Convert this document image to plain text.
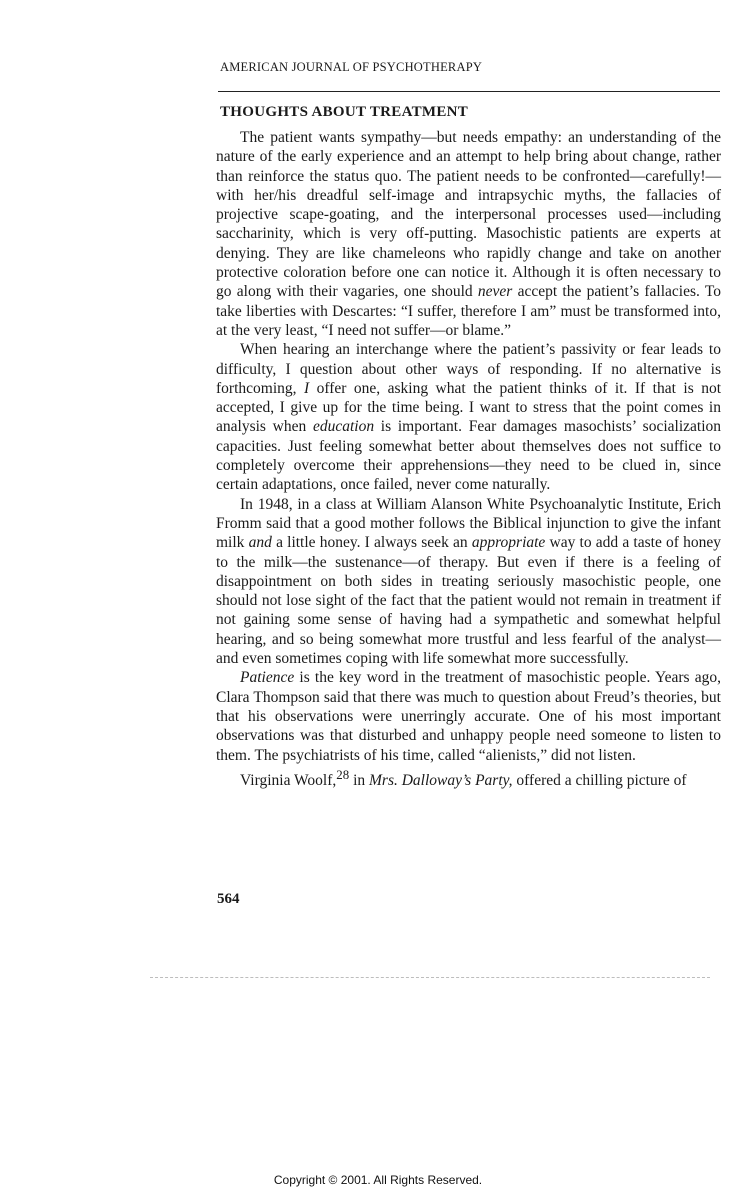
AMERICAN JOURNAL OF PSYCHOTHERAPY
THOUGHTS ABOUT TREATMENT

The patient wants sympathy—but needs empathy: an understanding of the nature of the early experience and an attempt to help bring about change, rather than reinforce the status quo. The patient needs to be confronted—carefully!—with her/his dreadful self-image and intrapsychic myths, the fallacies of projective scape-goating, and the interpersonal processes used—including saccharinity, which is very off-putting. Masochistic patients are experts at denying. They are like chameleons who rapidly change and take on another protective coloration before one can notice it. Although it is often necessary to go along with their vagaries, one should never accept the patient’s fallacies. To take liberties with Descartes: “I suffer, therefore I am” must be transformed into, at the very least, “I need not suffer—or blame.”

When hearing an interchange where the patient’s passivity or fear leads to difficulty, I question about other ways of responding. If no alternative is forthcoming, I offer one, asking what the patient thinks of it. If that is not accepted, I give up for the time being. I want to stress that the point comes in analysis when education is important. Fear damages masochists’ socialization capacities. Just feeling somewhat better about themselves does not suffice to completely overcome their apprehensions—they need to be clued in, since certain adaptations, once failed, never come naturally.

In 1948, in a class at William Alanson White Psychoanalytic Institute, Erich Fromm said that a good mother follows the Biblical injunction to give the infant milk and a little honey. I always seek an appropriate way to add a taste of honey to the milk—the sustenance—of therapy. But even if there is a feeling of disappointment on both sides in treating seriously masochistic people, one should not lose sight of the fact that the patient would not remain in treatment if not gaining some sense of having had a sympathetic and somewhat helpful hearing, and so being somewhat more trustful and less fearful of the analyst—and even sometimes coping with life somewhat more successfully.

Patience is the key word in the treatment of masochistic people. Years ago, Clara Thompson said that there was much to question about Freud’s theories, but that his observations were unerringly accurate. One of his most important observations was that disturbed and unhappy people need someone to listen to them. The psychiatrists of his time, called “alienists,” did not listen.

Virginia Woolf,$^{28}$ in Mrs. Dalloway’s Party, offered a chilling picture of

564
Copyright © 2001. All Rights Reserved.
